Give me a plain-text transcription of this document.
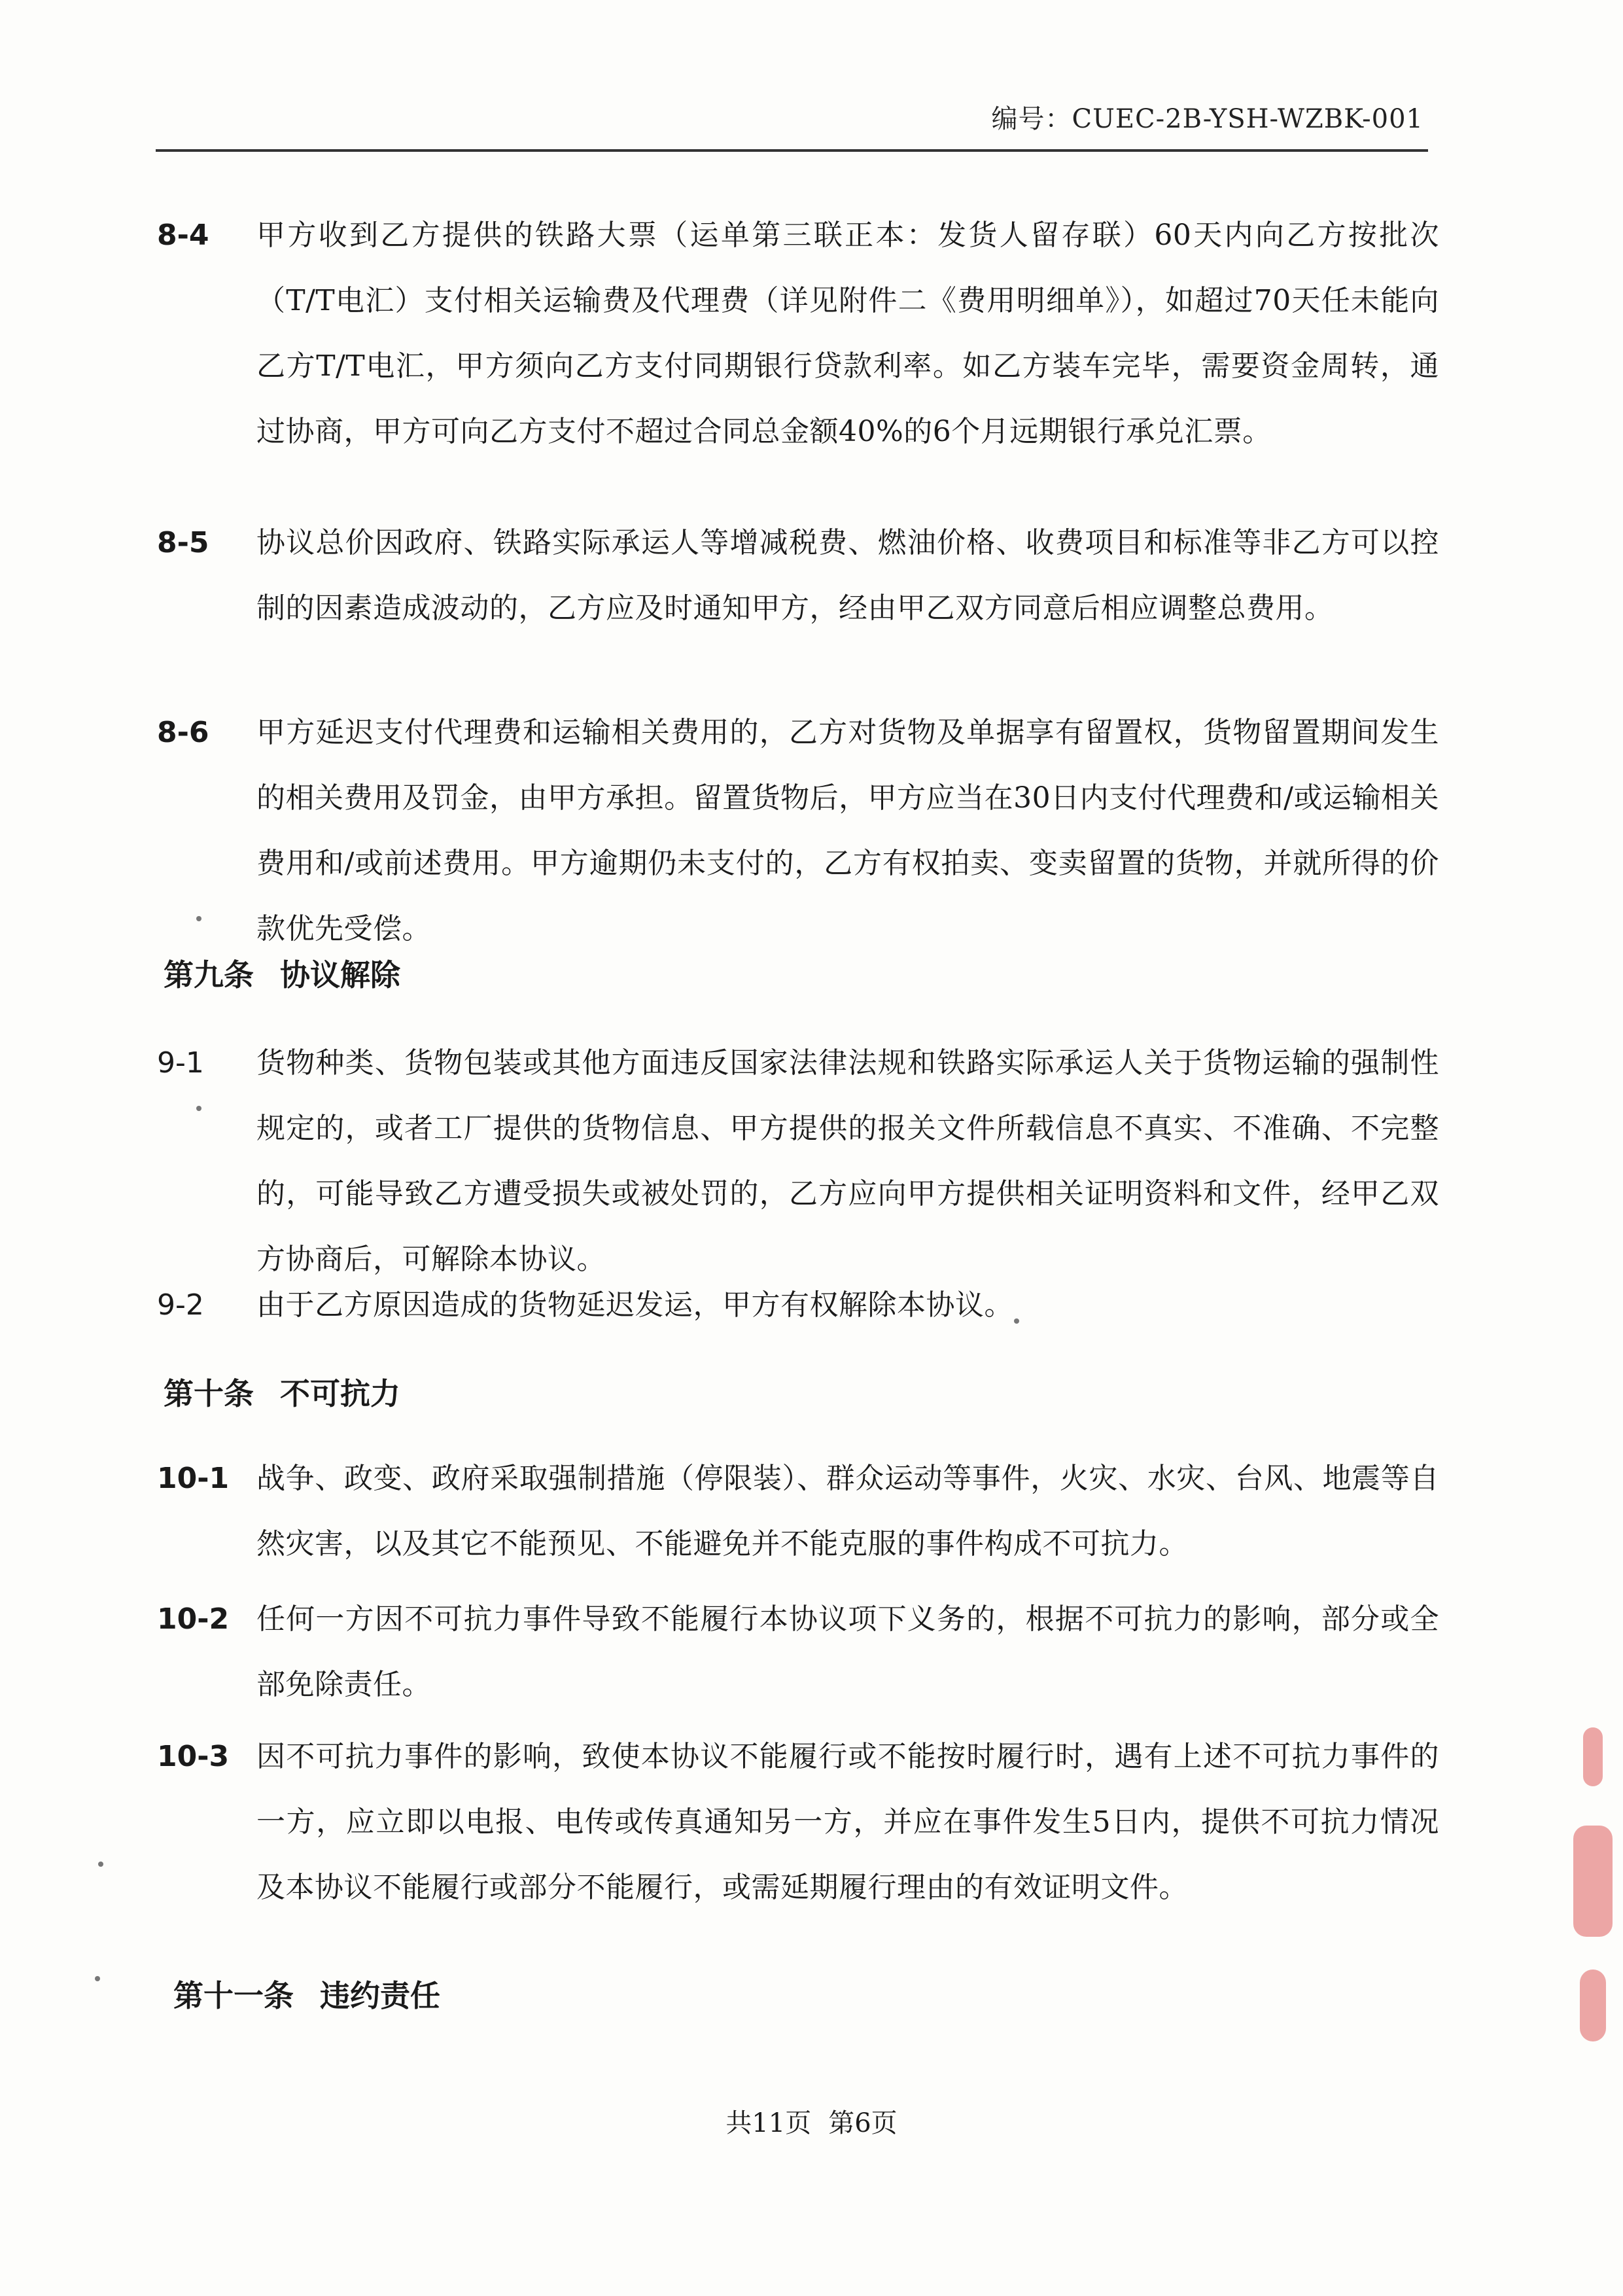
编号：CUEC-2B-YSH-WZBK-001
8-4 甲方收到乙方提供的铁路大票（运单第三联正本：发货人留存联）60天内向乙方按批次（T/T电汇）支付相关运输费及代理费（详见附件二《费用明细单》），如超过70天任未能向乙方T/T电汇，甲方须向乙方支付同期银行贷款利率。如乙方装车完毕，需要资金周转，通过协商，甲方可向乙方支付不超过合同总金额40%的6个月远期银行承兑汇票。
8-5 协议总价因政府、铁路实际承运人等增减税费、燃油价格、收费项目和标准等非乙方可以控制的因素造成波动的，乙方应及时通知甲方，经由甲乙双方同意后相应调整总费用。
8-6 甲方延迟支付代理费和运输相关费用的，乙方对货物及单据享有留置权，货物留置期间发生的相关费用及罚金，由甲方承担。留置货物后，甲方应当在30日内支付代理费和/或运输相关费用和/或前述费用。甲方逾期仍未支付的，乙方有权拍卖、变卖留置的货物，并就所得的价款优先受偿。
第九条 协议解除
9-1 货物种类、货物包装或其他方面违反国家法律法规和铁路实际承运人关于货物运输的强制性规定的，或者工厂提供的货物信息、甲方提供的报关文件所载信息不真实、不准确、不完整的，可能导致乙方遭受损失或被处罚的，乙方应向甲方提供相关证明资料和文件，经甲乙双方协商后，可解除本协议。
9-2 由于乙方原因造成的货物延迟发运，甲方有权解除本协议。
第十条 不可抗力
10-1 战争、政变、政府采取强制措施（停限装）、群众运动等事件，火灾、水灾、台风、地震等自然灾害，以及其它不能预见、不能避免并不能克服的事件构成不可抗力。
10-2 任何一方因不可抗力事件导致不能履行本协议项下义务的，根据不可抗力的影响，部分或全部免除责任。
10-3 因不可抗力事件的影响，致使本协议不能履行或不能按时履行时，遇有上述不可抗力事件的一方，应立即以电报、电传或传真通知另一方，并应在事件发生5日内，提供不可抗力情况及本协议不能履行或部分不能履行，或需延期履行理由的有效证明文件。
第十一条 违约责任
共11页 第6页
